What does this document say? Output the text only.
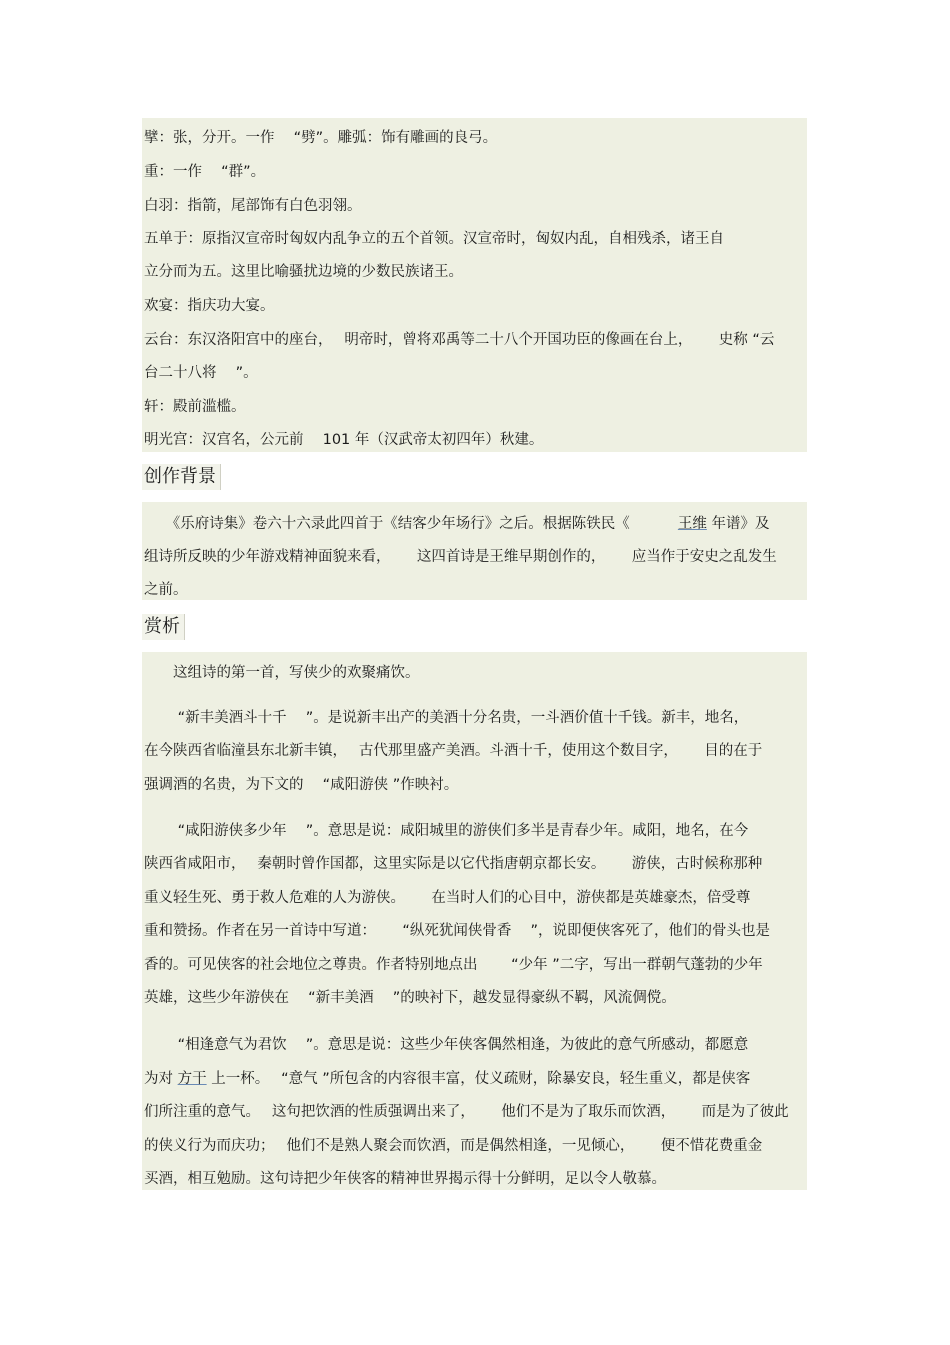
擘：张，分开。一作　 “劈”。雕弧：饰有雕画的良弓。
重：一作　 “群”。
白羽：指箭，尾部饰有白色羽翎。
五单于：原指汉宣帝时匈奴内乱争立的五个首领。汉宣帝时，匈奴内乱，自相残杀，诸王自
立分而为五。这里比喻骚扰边境的少数民族诸王。
欢宴：指庆功大宴。
云台：东汉洛阳宫中的座台，　 明帝时，曾将邓禹等二十八个开国功臣的像画在台上，　　 史称 “云
台二十八将　 ”。
轩：殿前滥槛。
明光宫：汉宫名，公元前　 101 年（汉武帝太初四年）秋建。
创作背景
　　《乐府诗集》卷六十六录此四首于《结客少年场行》之后。根据陈铁民《　　　 王维 年谱》及
组诗所反映的少年游戏精神面貌来看，　　 这四首诗是王维早期创作的，　　 应当作于安史之乱发生
之前。
赏析
　　这组诗的第一首，写侠少的欢聚痛饮。
　　 “新丰美酒斗十千　 ”。是说新丰出产的美酒十分名贵，一斗酒价值十千钱。新丰，地名，
在今陕西省临潼县东北新丰镇，　 古代那里盛产美酒。斗酒十千，使用这个数目字，　　 目的在于
强调酒的名贵，为下文的　 “咸阳游侠 ”作映衬。
　　 “咸阳游侠多少年　 ”。意思是说：咸阳城里的游侠们多半是青春少年。咸阳，地名，在今
陕西省咸阳市，　 秦朝时曾作国都，这里实际是以它代指唐朝京都长安。　　 游侠，古时候称那种
重义轻生死、勇于救人危难的人为游侠。　　 在当时人们的心目中，游侠都是英雄豪杰，倍受尊
重和赞扬。作者在另一首诗中写道：　　 “纵死犹闻侠骨香　 ”，说即便侠客死了，他们的骨头也是
香的。可见侠客的社会地位之尊贵。作者特别地点出　　 “少年 ”二字，写出一群朝气蓬勃的少年
英雄，这些少年游侠在　 “新丰美酒　 ”的映衬下，越发显得豪纵不羁，风流倜傥。
　　 “相逢意气为君饮　 ”。意思是说：这些少年侠客偶然相逢，为彼此的意气所感动，都愿意
为对 方干 上一杯。　 “意气 ”所包含的内容很丰富，仗义疏财，除暴安良，轻生重义，都是侠客
们所注重的意气。　 这句把饮酒的性质强调出来了，　　 他们不是为了取乐而饮酒，　　 而是为了彼此
的侠义行为而庆功；　 他们不是熟人聚会而饮酒，而是偶然相逢，一见倾心，　　 便不惜花费重金
买酒，相互勉励。这句诗把少年侠客的精神世界揭示得十分鲜明，足以令人敬慕。
